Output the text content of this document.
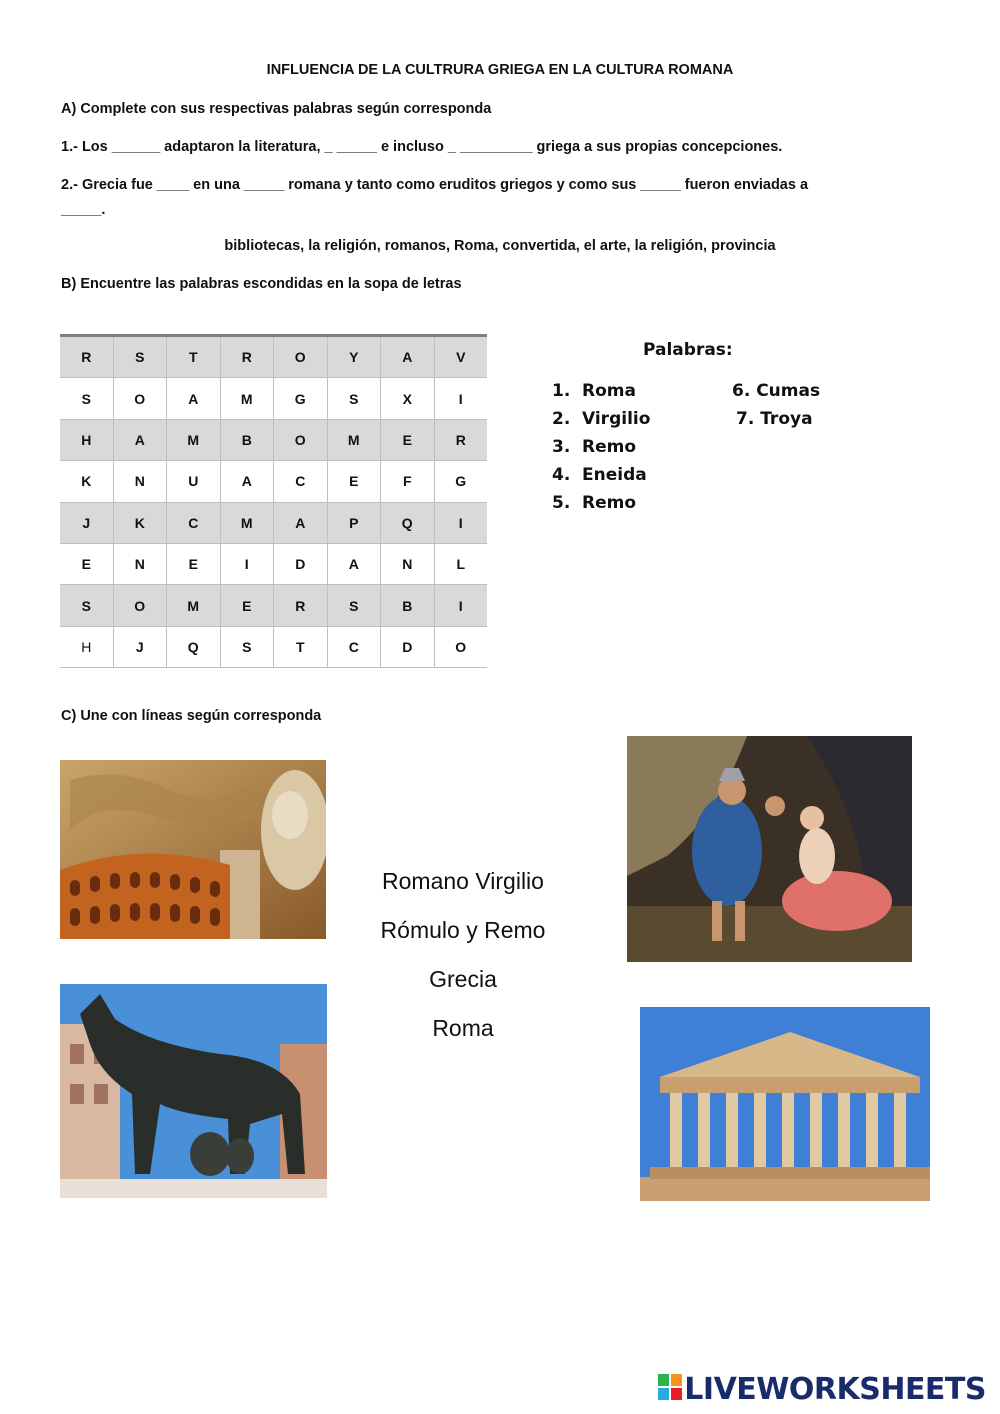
INFLUENCIA DE LA CULTRURA GRIEGA EN LA CULTURA ROMANA
A) Complete con sus respectivas palabras según corresponda
1.- Los ______ adaptaron la literatura, _ _____ e incluso _ _________ griega a sus propias concepciones.
2.- Grecia fue ____ en una _____ romana y tanto como eruditos griegos y como sus _____ fueron enviadas a
_____.
bibliotecas, la religión, romanos, Roma, convertida, el arte, la religión, provincia
B) Encuentre las palabras escondidas en la sopa de letras
R	S	T	R	O	Y	A	V
S	O	A	M	G	S	X	I
H	A	M	B	O	M	E	R
K	N	U	A	C	E	F	G
J	K	C	M	A	P	Q	I
E	N	E	I	D	A	N	L
S	O	M	E	R	S	B	I
H	J	Q	S	T	C	D	O
Palabras:
1. Roma
2. Virgilio
3. Remo
4. Eneida
5. Remo
6. Cumas
7. Troya
C) Une con líneas según corresponda
Romano Virgilio
Rómulo y Remo
Grecia
Roma
LIVEWORKSHEETS
